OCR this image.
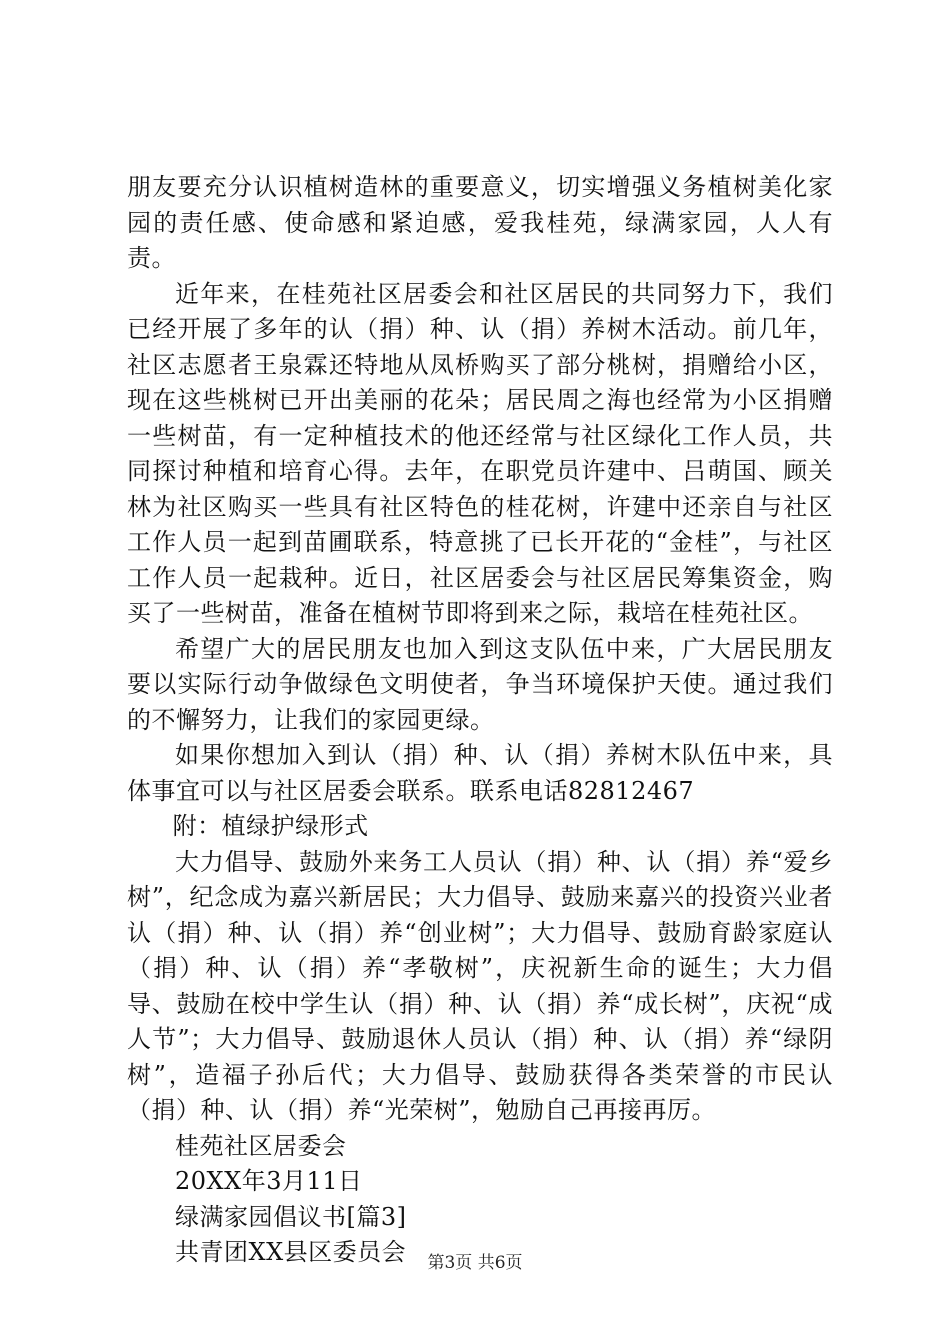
朋友要充分认识植树造林的重要意义，切实增强义务植树美化家园的责任感、使命感和紧迫感，爱我桂苑，绿满家园，人人有责。

近年来，在桂苑社区居委会和社区居民的共同努力下，我们已经开展了多年的认（捐）种、认（捐）养树木活动。前几年，社区志愿者王泉霖还特地从凤桥购买了部分桃树，捐赠给小区，现在这些桃树已开出美丽的花朵；居民周之海也经常为小区捐赠一些树苗，有一定种植技术的他还经常与社区绿化工作人员，共同探讨种植和培育心得。去年，在职党员许建中、吕萌国、顾关林为社区购买一些具有社区特色的桂花树，许建中还亲自与社区工作人员一起到苗圃联系，特意挑了已长开花的“金桂”，与社区工作人员一起栽种。近日，社区居委会与社区居民筹集资金，购买了一些树苗，准备在植树节即将到来之际，栽培在桂苑社区。

希望广大的居民朋友也加入到这支队伍中来，广大居民朋友要以实际行动争做绿色文明使者，争当环境保护天使。通过我们的不懈努力，让我们的家园更绿。

如果你想加入到认（捐）种、认（捐）养树木队伍中来，具体事宜可以与社区居委会联系。联系电话82812467

附：植绿护绿形式

大力倡导、鼓励外来务工人员认（捐）种、认（捐）养“爱乡树”，纪念成为嘉兴新居民；大力倡导、鼓励来嘉兴的投资兴业者认（捐）种、认（捐）养“创业树”；大力倡导、鼓励育龄家庭认（捐）种、认（捐）养“孝敬树”，庆祝新生命的诞生；大力倡导、鼓励在校中学生认（捐）种、认（捐）养“成长树”，庆祝“成人节”；大力倡导、鼓励退休人员认（捐）种、认（捐）养“绿阴树”，造福子孙后代；大力倡导、鼓励获得各类荣誉的市民认（捐）种、认（捐）养“光荣树”，勉励自己再接再厉。

桂苑社区居委会

20XX年3月11日

绿满家园倡议书[篇3]

共青团XX县区委员会	第3页 共6页
